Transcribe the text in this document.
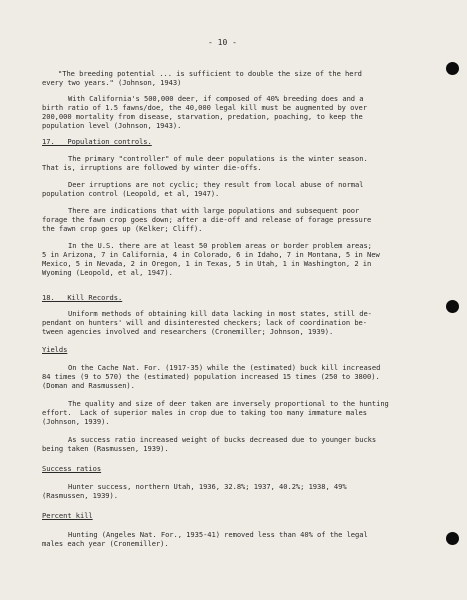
- 10 -
"The breeding potential ... is sufficient to double the size of the herd
every two years." (Johnson, 1943)
With California's 500,000 deer, if composed of 40% breeding does and a
birth ratio of 1.5 fawns/doe, the 40,000 legal kill must be augmented by over
200,000 mortality from disease, starvation, predation, poaching, to keep the
population level (Johnson, 1943).
17.   Population controls.
The primary "controller" of mule deer populations is the winter season.
That is, irruptions are followed by winter die-offs.
Deer irruptions are not cyclic; they result from local abuse of normal
population control (Leopold, et al, 1947).
There are indications that with large populations and subsequent poor
forage the fawn crop goes down; after a die-off and release of forage pressure
the fawn crop goes up (Kelker; Cliff).
In the U.S. there are at least 50 problem areas or border problem areas;
5 in Arizona, 7 in California, 4 in Colorado, 6 in Idaho, 7 in Montana, 5 in New
Mexico, 5 in Nevada, 2 in Oregon, 1 in Texas, 5 in Utah, 1 in Washington, 2 in
Wyoming (Leopold, et al, 1947).
18.   Kill Records.
Uniform methods of obtaining kill data lacking in most states, still de-
pendant on hunters' will and disinterested checkers; lack of coordination be-
tween agencies involved and researchers (Cronemiller; Johnson, 1939).
Yields
On the Cache Nat. For. (1917-35) while the (estimated) buck kill increased
84 times (9 to 570) the (estimated) population increased 15 times (250 to 3800).
(Doman and Rasmussen).
The quality and size of deer taken are inversely proportional to the hunting
effort.  Lack of superior males in crop due to taking too many immature males
(Johnson, 1939).
As success ratio increased weight of bucks decreased due to younger bucks
being taken (Rasmussen, 1939).
Success ratios
Hunter success, northern Utah, 1936, 32.8%; 1937, 40.2%; 1938, 49%
(Rasmussen, 1939).
Percent kill
Hunting (Angeles Nat. For., 1935-41) removed less than 40% of the legal
males each year (Cronemiller).
